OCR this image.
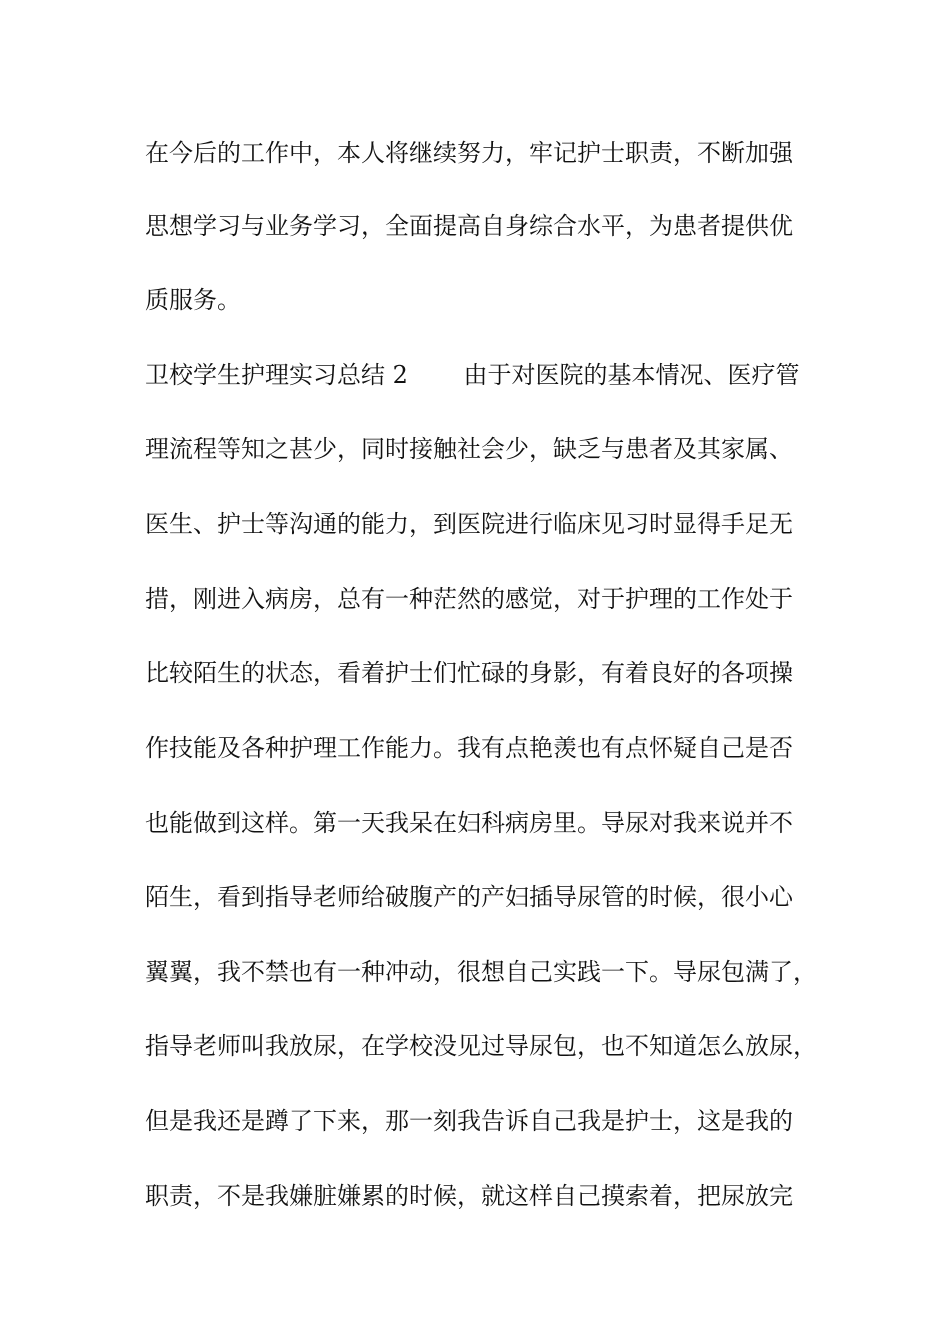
在今后的工作中，本人将继续努力，牢记护士职责，不断加强
思想学习与业务学习，全面提高自身综合水平，为患者提供优
质服务。
卫校学生护理实习总结 2　　 由于对医院的基本情况、医疗管
理流程等知之甚少，同时接触社会少，缺乏与患者及其家属、
医生、护士等沟通的能力，到医院进行临床见习时显得手足无
措，刚进入病房，总有一种茫然的感觉，对于护理的工作处于
比较陌生的状态，看着护士们忙碌的身影，有着良好的各项操
作技能及各种护理工作能力。我有点艳羡也有点怀疑自己是否
也能做到这样。第一天我呆在妇科病房里。导尿对我来说并不
陌生，看到指导老师给破腹产的产妇插导尿管的时候，很小心
翼翼，我不禁也有一种冲动，很想自己实践一下。导尿包满了，
指导老师叫我放尿，在学校没见过导尿包，也不知道怎么放尿，
但是我还是蹲了下来，那一刻我告诉自己我是护士，这是我的
职责，不是我嫌脏嫌累的时候，就这样自己摸索着，把尿放完
